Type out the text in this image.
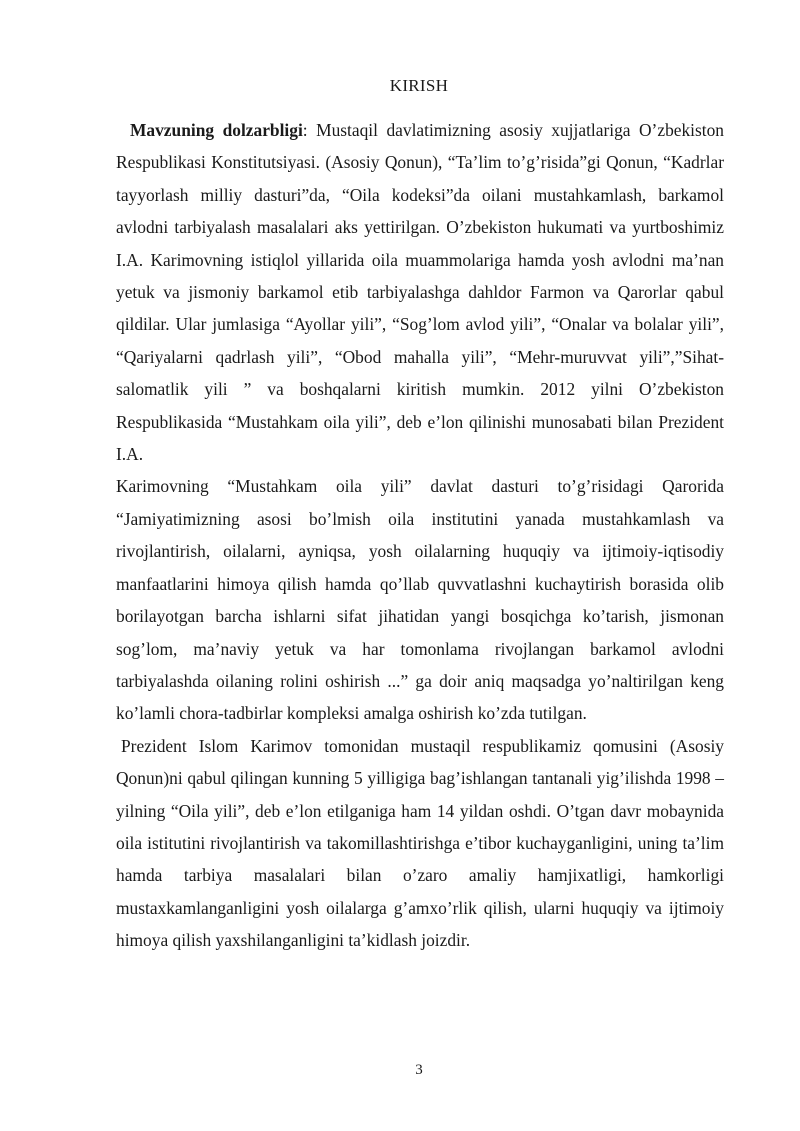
KIRISH

Mavzuning dolzarbligi: Mustaqil davlatimizning asosiy xujjatlariga O’zbekiston Respublikasi Konstitutsiyasi. (Asosiy Qonun), “Ta’lim to’g’risida”gi Qonun, “Kadrlar tayyorlash milliy dasturi”da, “Oila kodeksi”da oilani mustahkamlash, barkamol avlodni tarbiyalash masalalari aks yettirilgan. O’zbekiston hukumati va yurtboshimiz I.A. Karimovning istiqlol yillarida oila muammolariga hamda yosh avlodni ma’nan yetuk va jismoniy barkamol etib tarbiyalashga dahldor Farmon va Qarorlar qabul qildilar. Ular jumlasiga “Ayollar yili”, “Sog’lom avlod yili”, “Onalar va bolalar yili”, “Qariyalarni qadrlash yili”, “Obod mahalla yili”, “Mehr-muruvvat yili”,”Sihat-salomatlik yili ” va boshqalarni kiritish mumkin. 2012 yilni O’zbekiston Respublikasida “Mustahkam oila yili”, deb e’lon qilinishi munosabati bilan Prezident I.A.

Karimovning “Mustahkam oila yili” davlat dasturi to’g’risidagi Qarorida “Jamiyatimizning asosi bo’lmish oila institutini yanada mustahkamlash va rivojlantirish, oilalarni, ayniqsa, yosh oilalarning huquqiy va ijtimoiy-iqtisodiy manfaatlarini himoya qilish hamda qo’llab quvvatlashni kuchaytirish borasida olib borilayotgan barcha ishlarni sifat jihatidan yangi bosqichga ko’tarish, jismonan sog’lom, ma’naviy yetuk va har tomonlama rivojlangan barkamol avlodni tarbiyalashda oilaning rolini oshirish ...” ga doir aniq maqsadga yo’naltirilgan keng ko’lamli chora-tadbirlar kompleksi amalga oshirish ko’zda tutilgan.

Prezident Islom Karimov tomonidan mustaqil respublikamiz qomusini (Asosiy Qonun)ni qabul qilingan kunning 5 yilligiga bag’ishlangan tantanali yig’ilishda 1998 – yilning “Oila yili”, deb e’lon etilganiga ham 14 yildan oshdi. O’tgan davr mobaynida oila istitutini rivojlantirish va takomillashtirishga e’tibor kuchayganligini, uning ta’lim hamda tarbiya masalalari bilan o’zaro amaliy hamjixatligi, hamkorligi mustaxkamlanganligini yosh oilalarga g’amxo’rlik qilish, ularni huquqiy va ijtimoiy himoya qilish yaxshilanganligini ta’kidlash joizdir.

3
